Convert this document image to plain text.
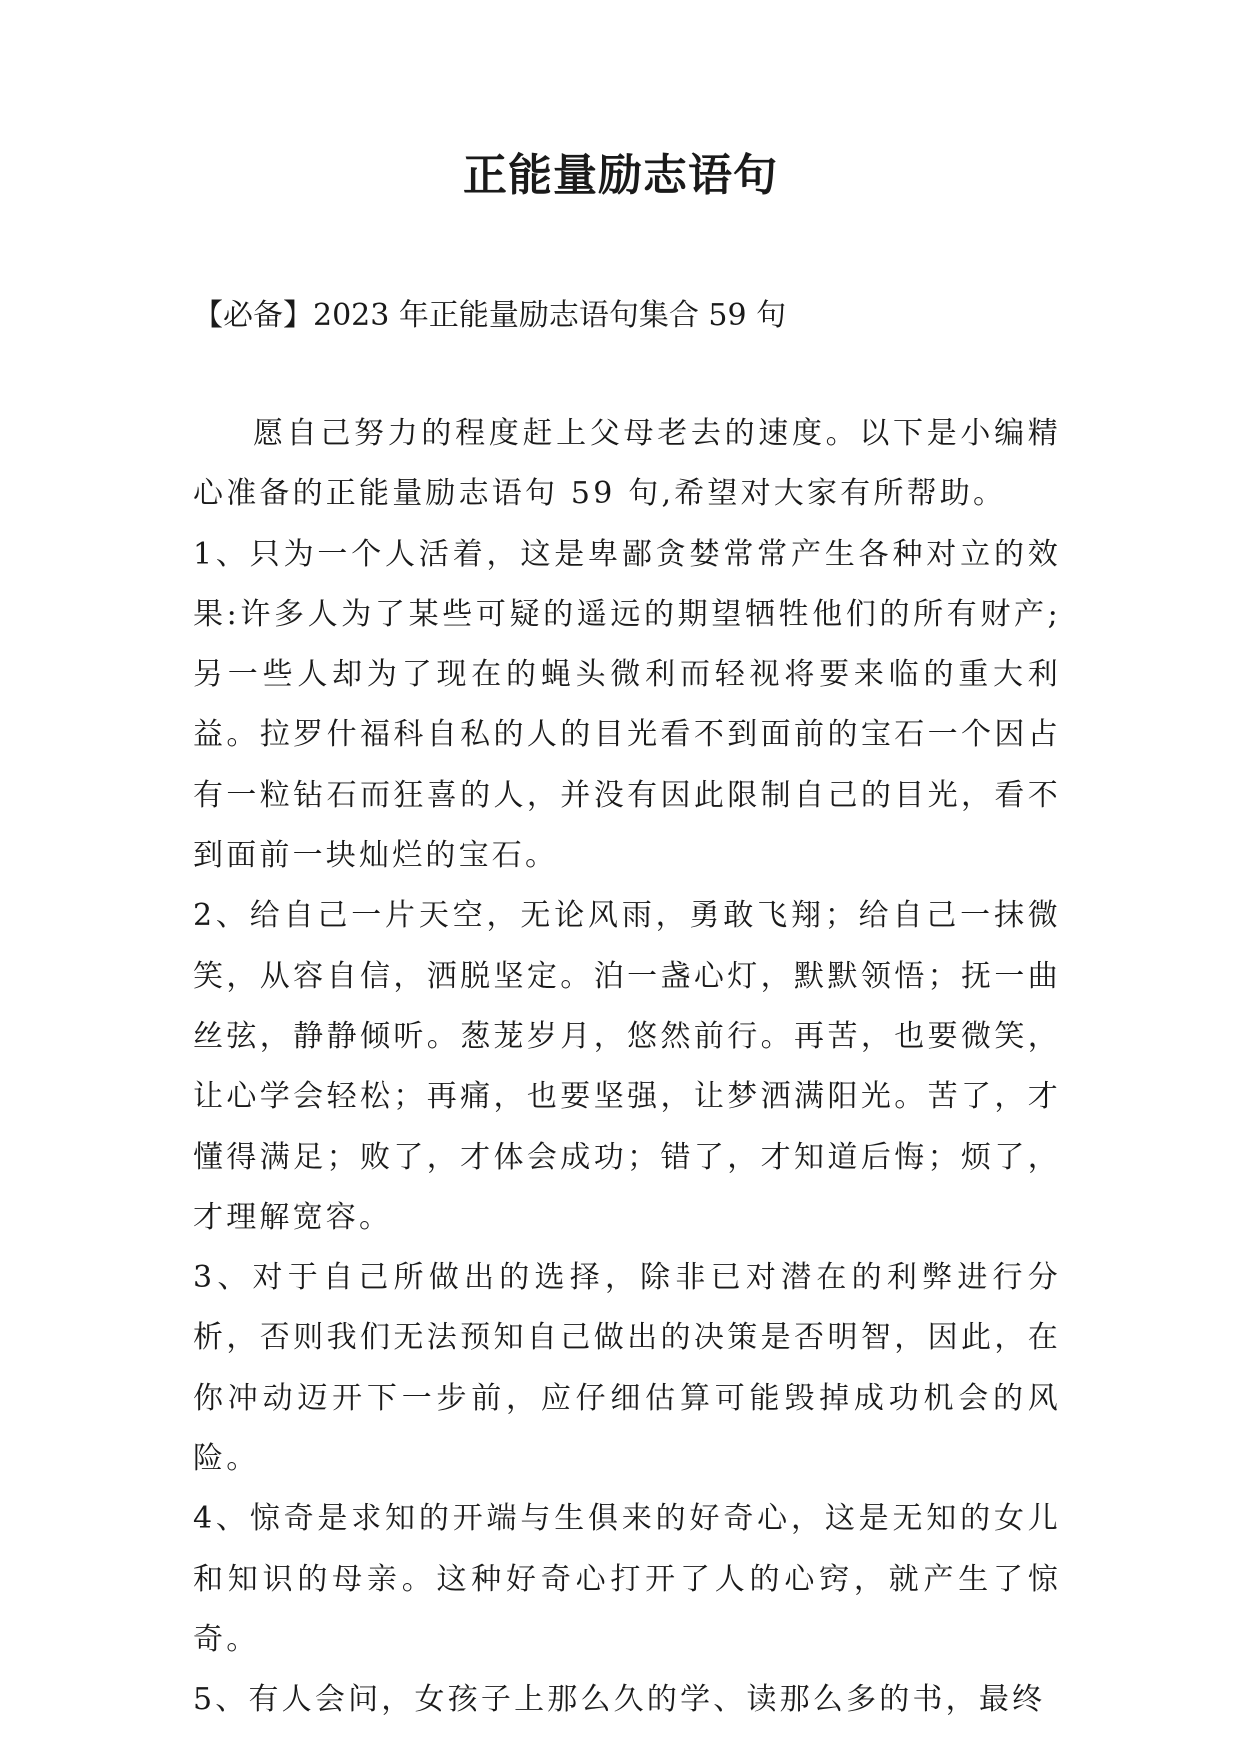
正能量励志语句
【必备】2023 年正能量励志语句集合 59 句

愿自己努力的程度赶上父母老去的速度。以下是小编精心准备的正能量励志语句 59 句,希望对大家有所帮助。

1、只为一个人活着，这是卑鄙贪婪常常产生各种对立的效果:许多人为了某些可疑的遥远的期望牺牲他们的所有财产;另一些人却为了现在的蝇头微利而轻视将要来临的重大利益。拉罗什福科自私的人的目光看不到面前的宝石一个因占有一粒钻石而狂喜的人，并没有因此限制自己的目光，看不到面前一块灿烂的宝石。

2、给自己一片天空，无论风雨，勇敢飞翔；给自己一抹微笑，从容自信，洒脱坚定。泊一盏心灯，默默领悟；抚一曲丝弦，静静倾听。葱茏岁月，悠然前行。再苦，也要微笑，让心学会轻松；再痛，也要坚强，让梦洒满阳光。苦了，才懂得满足；败了，才体会成功；错了，才知道后悔；烦了，才理解宽容。

3、对于自己所做出的选择，除非已对潜在的利弊进行分析，否则我们无法预知自己做出的决策是否明智，因此，在你冲动迈开下一步前，应仔细估算可能毁掉成功机会的风险。

4、惊奇是求知的开端与生俱来的好奇心，这是无知的女儿和知识的母亲。这种好奇心打开了人的心窍，就产生了惊奇。

5、有人会问，女孩子上那么久的学、读那么多的书，最终
